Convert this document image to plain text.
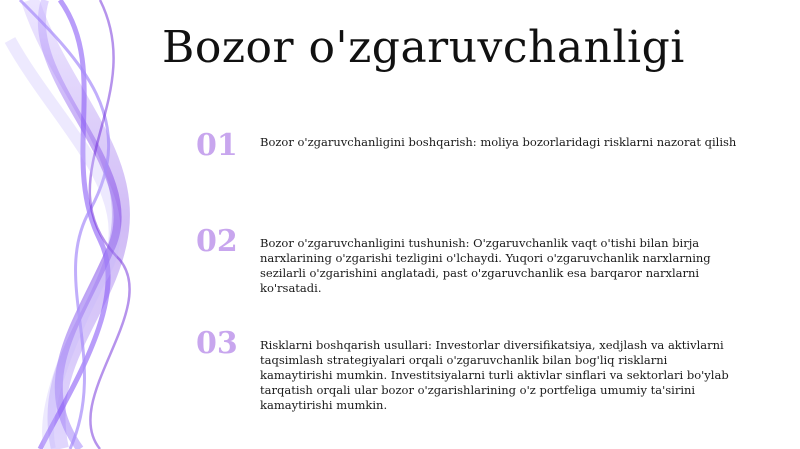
Bozor o'zgaruvchanligi
01 Bozor o'zgaruvchanligini boshqarish: moliya bozorlaridagi risklarni nazorat qilish
02 Bozor o'zgaruvchanligini tushunish: O'zgaruvchanlik vaqt o'tishi bilan birja narxlarining o'zgarishi tezligini o'lchaydi. Yuqori o'zgaruvchanlik narxlarning sezilarli o'zgarishini anglatadi, past o'zgaruvchanlik esa barqaror narxlarni ko'rsatadi.
03 Risklarni boshqarish usullari: Investorlar diversifikatsiya, xedjlash va aktivlarni taqsimlash strategiyalari orqali o'zgaruvchanlik bilan bog'liq risklarni kamaytirishi mumkin. Investitsiyalarni turli aktivlar sinflari va sektorlari bo'ylab tarqatish orqali ular bozor o'zgarishlarining o'z portfeliga umumiy ta'sirini kamaytirishi mumkin.
